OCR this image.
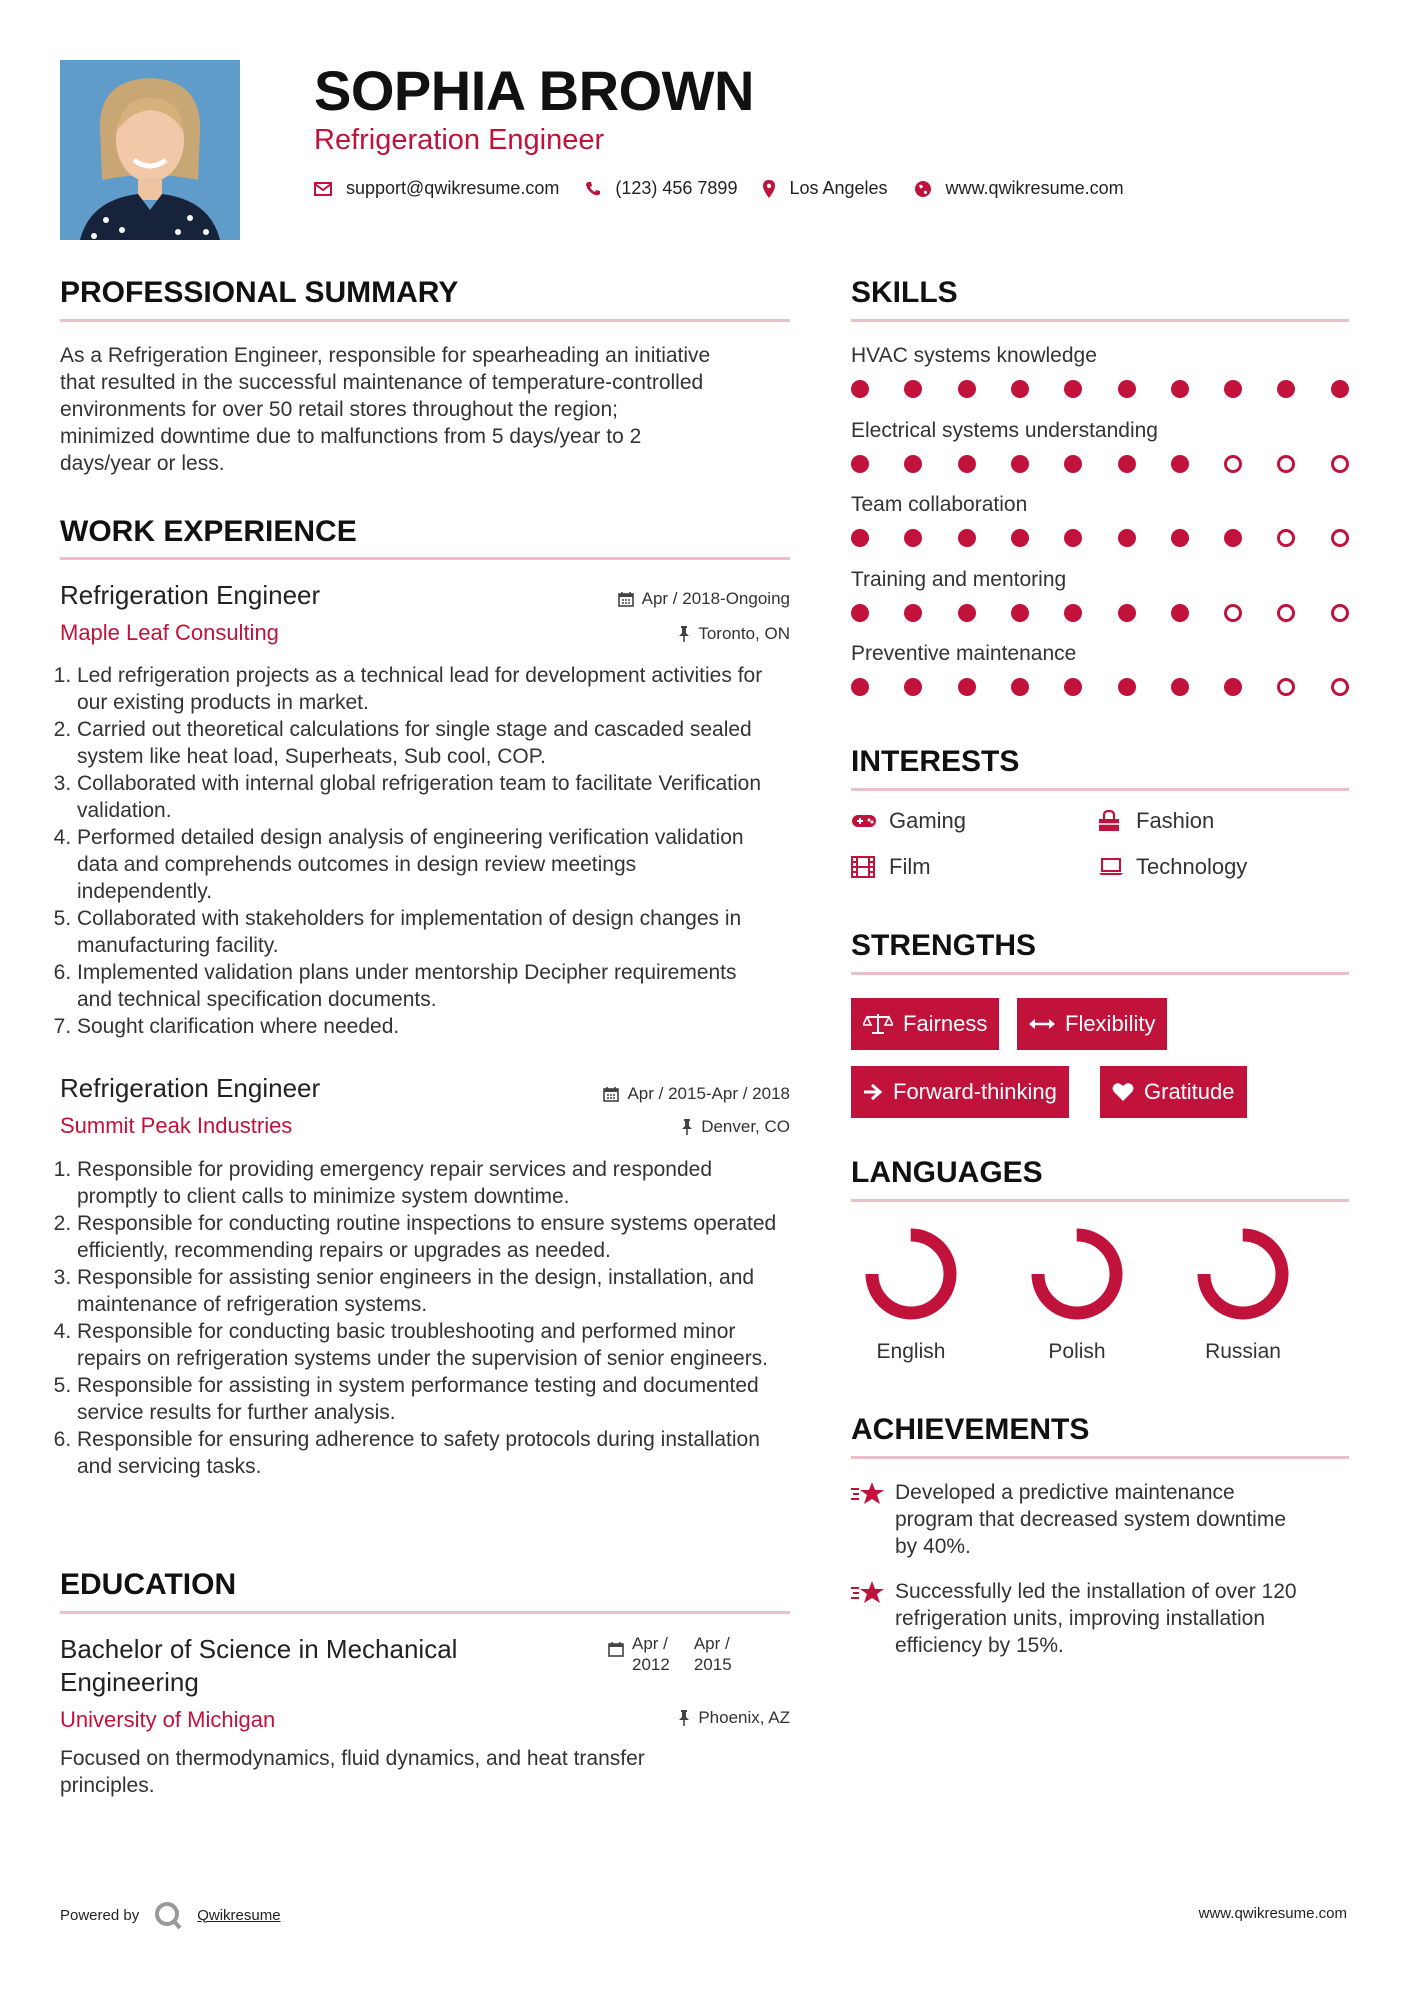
SOPHIA BROWN
Refrigeration Engineer
support@qwikresume.com	(123) 456 7899	Los Angeles	www.qwikresume.com
PROFESSIONAL SUMMARY
As a Refrigeration Engineer, responsible for spearheading an initiative
that resulted in the successful maintenance of temperature-controlled
environments for over 50 retail stores throughout the region;
minimized downtime due to malfunctions from 5 days/year to 2
days/year or less.
WORK EXPERIENCE
Refrigeration Engineer	Apr / 2018-Ongoing
Maple Leaf Consulting	Toronto, ON
1. Led refrigeration projects as a technical lead for development activities for our existing products in market.
2. Carried out theoretical calculations for single stage and cascaded sealed system like heat load, Superheats, Sub cool, COP.
3. Collaborated with internal global refrigeration team to facilitate Verification validation.
4. Performed detailed design analysis of engineering verification validation data and comprehends outcomes in design review meetings independently.
5. Collaborated with stakeholders for implementation of design changes in manufacturing facility.
6. Implemented validation plans under mentorship Decipher requirements and technical specification documents.
7. Sought clarification where needed.
Refrigeration Engineer	Apr / 2015-Apr / 2018
Summit Peak Industries	Denver, CO
1. Responsible for providing emergency repair services and responded promptly to client calls to minimize system downtime.
2. Responsible for conducting routine inspections to ensure systems operated efficiently, recommending repairs or upgrades as needed.
3. Responsible for assisting senior engineers in the design, installation, and maintenance of refrigeration systems.
4. Responsible for conducting basic troubleshooting and performed minor repairs on refrigeration systems under the supervision of senior engineers.
5. Responsible for assisting in system performance testing and documented service results for further analysis.
6. Responsible for ensuring adherence to safety protocols during installation and servicing tasks.
EDUCATION
Bachelor of Science in Mechanical
Engineering
Apr /
2012
Apr /
2015
University of Michigan	Phoenix, AZ
Focused on thermodynamics, fluid dynamics, and heat transfer
principles.
SKILLS
HVAC systems knowledge
Electrical systems understanding
Team collaboration
Training and mentoring
Preventive maintenance
INTERESTS
Gaming	Fashion
Film	Technology
STRENGTHS
Fairness	Flexibility
Forward-thinking	Gratitude
LANGUAGES
English	Polish	Russian
ACHIEVEMENTS
Developed a predictive maintenance
program that decreased system downtime
by 40%.
Successfully led the installation of over 120
refrigeration units, improving installation
efficiency by 15%.
Powered by	Qwikresume	www.qwikresume.com
